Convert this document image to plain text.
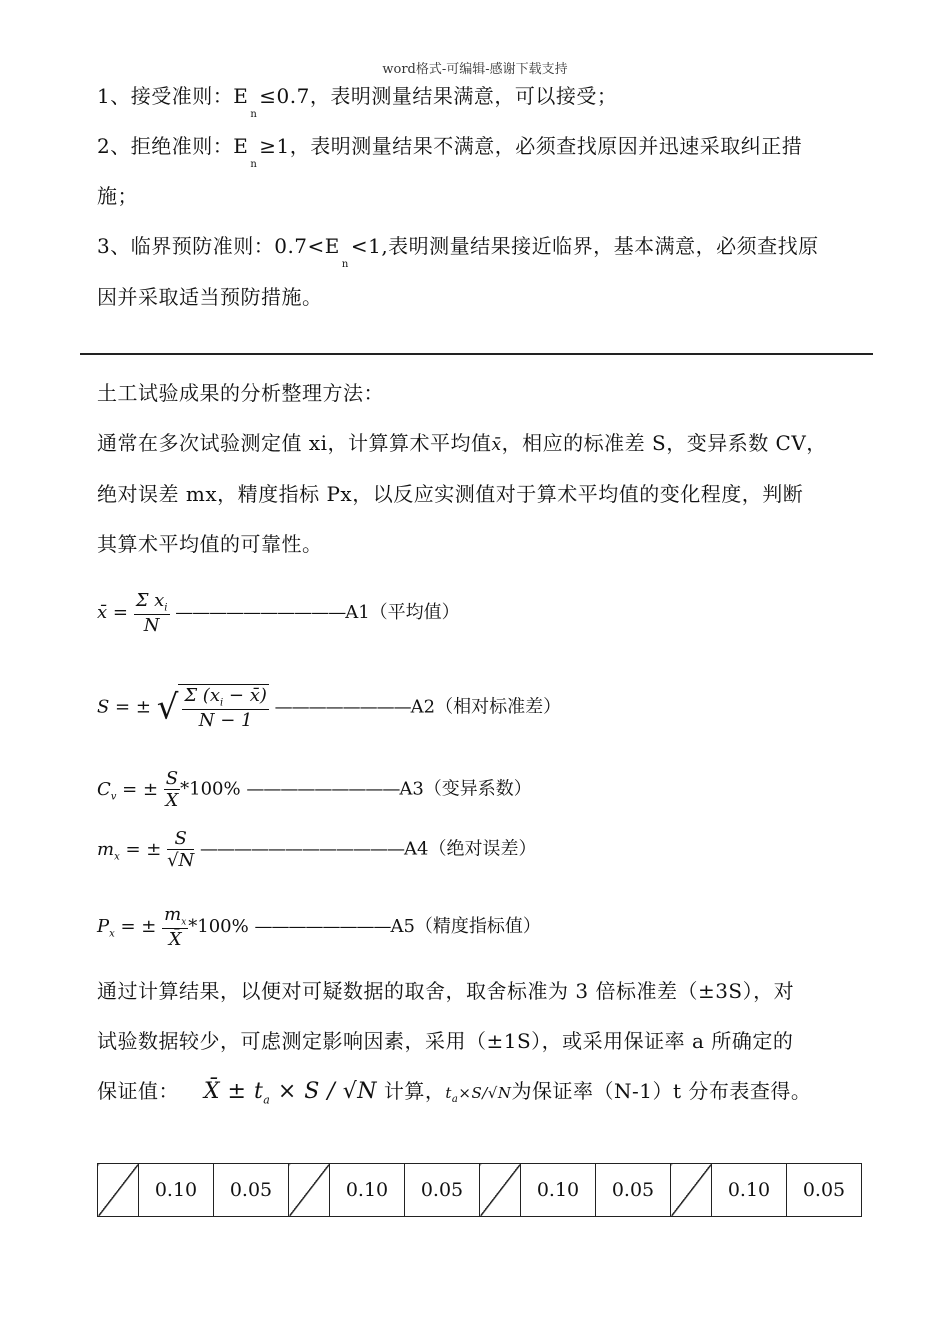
word格式-可编辑-感谢下载支持
1、接受准则：$E_n\le 0.7$，表明测量结果满意，可以接受；
2、拒绝准则：$E_n\ge 1$，表明测量结果不满意，必须查找原因并迅速采取纠正措
施；
3、临界预防准则：$0.7<E_n<1$,表明测量结果接近临界，基本满意，必须查找原
因并采取适当预防措施。
土工试验成果的分析整理方法：
通常在多次试验测定值 xi，计算算术平均值x̄，相应的标准差 S，变异系数 CV，
绝对误差 mx，精度指标 Px，以反应实测值对于算术平均值的变化程度，判断
其算术平均值的可靠性。
x̄ = $\frac{\Sigma x_i}{N}$ ——————————A1（平均值）
S = ± √ $\frac{\Sigma (x_i - x̄)}{N - 1}$ ————————A2（相对标准差）
$C_v$ = ± $\frac{S}{X} *100\%$ —————————A3（变异系数）
$m_x$ = ± $\frac{S}{√N}$ ————————————A4（绝对误差）
$P_x$ = ± $\frac{m_x}{X̄} *100\%$ ————————A5（精度指标值）
通过计算结果，以便对可疑数据的取舍，取舍标准为 3 倍标准差（±3S），对
试验数据较少，可虑测定影响因素，采用（±1S），或采用保证率 a 所确定的
保证值： X̄ ± $t_a \times S / √N$ 计算，$t_a\times S/√N$为保证率（N-1）t 分布表查得。
	0.10	0.05		0.10	0.05		0.10	0.05		0.10	0.05
